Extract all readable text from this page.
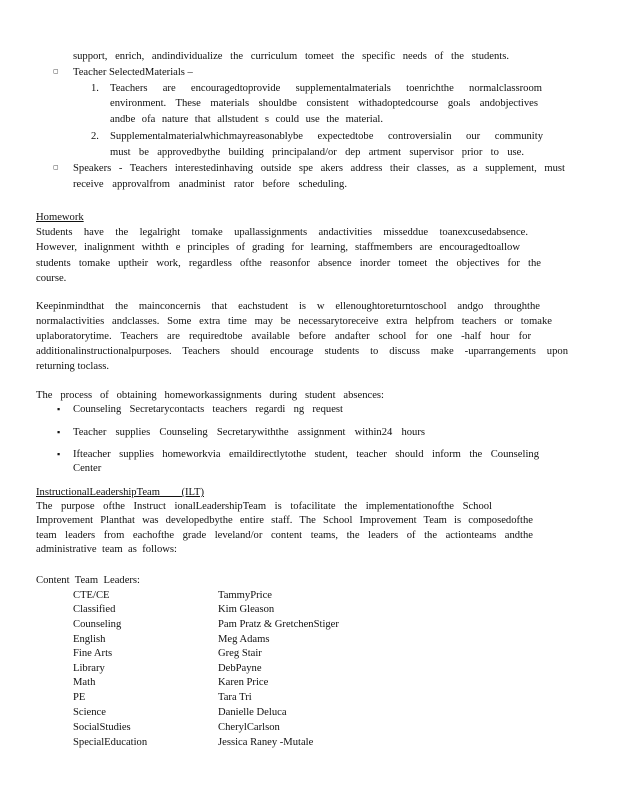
support, enrich, andindividualize the curriculum tomeet the specific needs of the students.
▢ Teacher SelectedMaterials –
1. Teachers are encouragedtoprovide supplementalmaterials toenrichthe normalclassroom
environment. These materials shouldbe consistent withadoptedcourse goals andobjectives
andbe ofa nature that allstudent s could use the material.
2. Supplementalmaterialwhichmayreasonablybe expectedtobe controversialin our community
must be approvedbythe building principaland/or dep artment supervisor prior to use.
▢ Speakers - Teachers interestedinhaving outside spe akers address their classes, as a supplement, must
receive approvalfrom anadminist rator before scheduling.
Homework
Students have the legalright tomake upallassignments andactivities misseddue toanexcusedabsence.
However, inalignment withth e principles of grading for learning, staffmembers are encouragedtoallow
students tomake uptheir work, regardless ofthe reasonfor absence inorder tomeet the objectives for the
course.
Keepinmindthat the mainconcernis that eachstudent is w ellenoughtoreturntoschool andgo throughthe
normalactivities andclasses. Some extra time may be necessarytoreceive extra helpfrom teachers or tomake
uplaboratorytime. Teachers are requiredtobe available before andafter school for one -half hour for
additionalinstructionalpurposes. Teachers should encourage students to discuss make -uparrangements upon
returning toclass.
The process of obtaining homeworkassignments during student absences:
▪ Counseling Secretarycontacts teachers regardi ng request
▪ Teacher supplies Counseling Secretarywiththe assignment within24 hours
▪ Ifteacher supplies homeworkvia emaildirectlytothe student, teacher should inform the Counseling
Center
InstructionalLeadershipTeam (ILT)
The purpose ofthe Instruct ionalLeadershipTeam is tofacilitate the implementationofthe School
Improvement Planthat was developedbythe entire staff. The School Improvement Team is composedofthe
team leaders from eachofthe grade leveland/or content teams, the leaders of the actionteams andthe
administrative team as follows:
Content Team Leaders:
CTE/CE	TammyPrice
Classified	Kim Gleason
Counseling	Pam Pratz & GretchenStiger
English	Meg Adams
Fine Arts	Greg Stair
Library	DebPayne
Math	Karen Price
PE	Tara Tri
Science	Danielle Deluca
SocialStudies	CherylCarlson
SpecialEducation	Jessica Raney -Mutale
